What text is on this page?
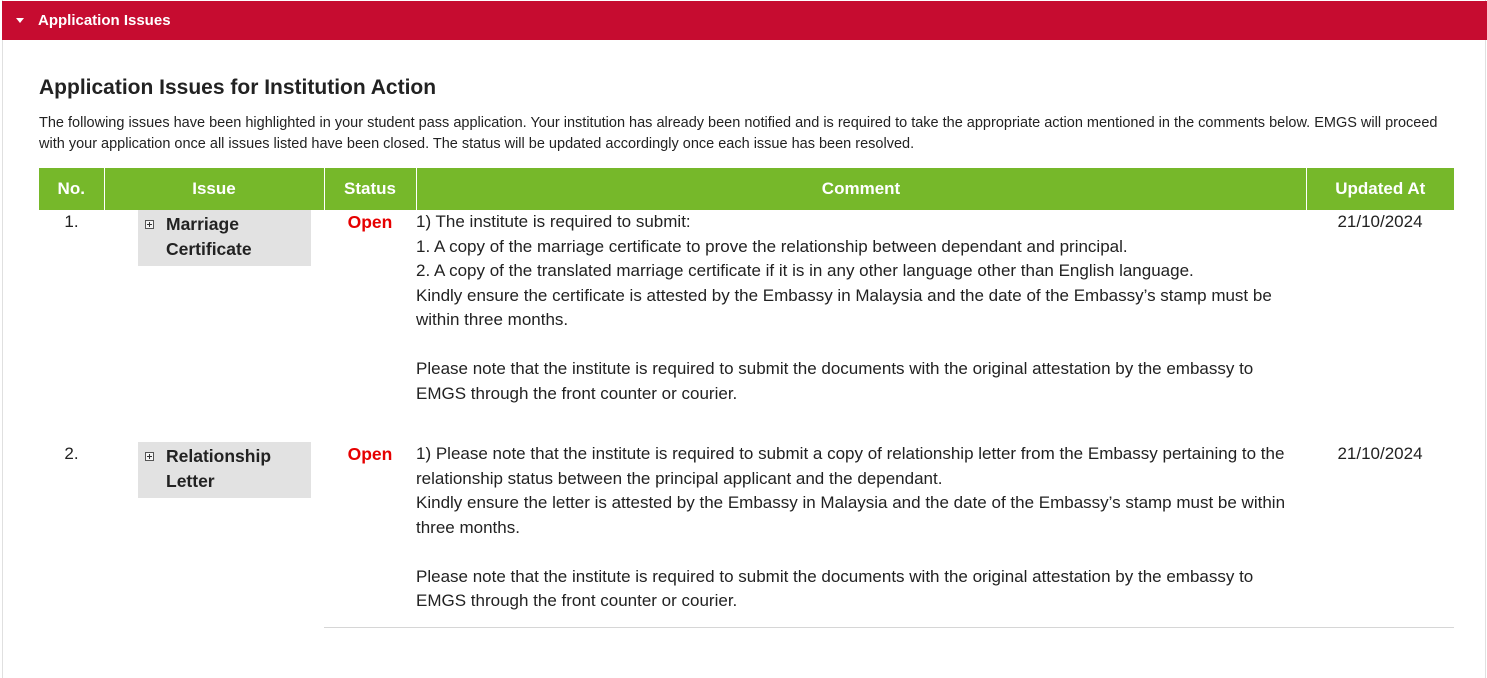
Application Issues
Application Issues for Institution Action

The following issues have been highlighted in your student pass application. Your institution has already been notified and is required to take the appropriate action mentioned in the comments below. EMGS will proceed with your application once all issues listed have been closed. The status will be updated accordingly once each issue has been resolved.

No.	Issue	Status	Comment	Updated At
1.	Marriage
Certificate	Open	1) The institute is required to submit:
1. A copy of the marriage certificate to prove the relationship between dependant and principal.
2. A copy of the translated marriage certificate if it is in any other language other than English language.
Kindly ensure the certificate is attested by the Embassy in Malaysia and the date of the Embassy’s stamp must be within three months.
Please note that the institute is required to submit the documents with the original attestation by the embassy to EMGS through the front counter or courier.	21/10/2024
2.	Relationship
Letter	Open	1) Please note that the institute is required to submit a copy of relationship letter from the Embassy pertaining to the relationship status between the principal applicant and the dependant.
Kindly ensure the letter is attested by the Embassy in Malaysia and the date of the Embassy’s stamp must be within three months.
Please note that the institute is required to submit the documents with the original attestation by the embassy to EMGS through the front counter or courier.	21/10/2024
